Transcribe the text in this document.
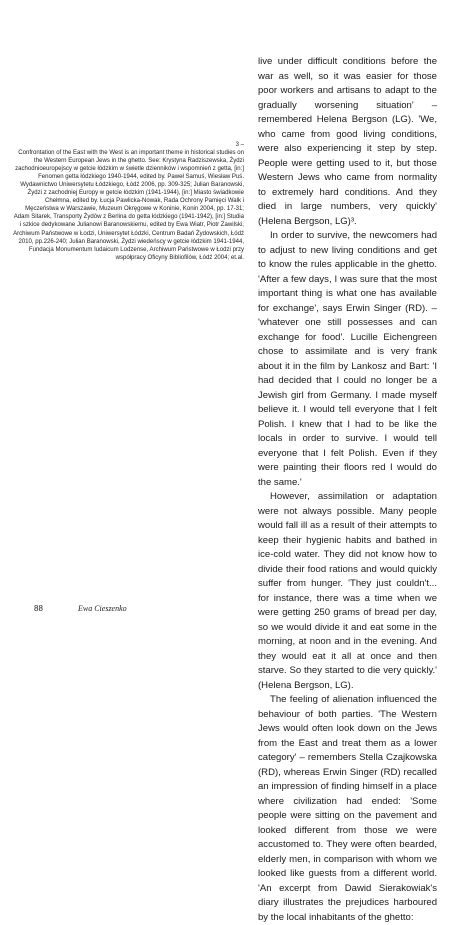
3 –

Confrontation of the East with the West is an important theme in historical studies on the Western European Jews in the ghetto. See: Krystyna Radziszewska, Żydzi zachodnioeuropejscy w getcie łódzkim w świetle dzienników i wspomnień z getta, [in:] Fenomen getta łódzkiego 1940-1944, edited by. Paweł Samuś, Wiesław Puś. Wydawnictwo Uniwersytetu Łódzkiego, Łódź 2006, pp. 309-325; Julian Baranowski, Żydzi z zachodniej Europy w getcie łódzkim (1941-1944), [in:] Miasto świadkowie Chełmna, edited by. Łucja Pawlicka-Nowak, Rada Ochrony Pamięci Walk i Męczeństwa w Warszawie, Muzeum Okręgowe w Koninie, Konin 2004, pp. 17-31; Adam Sitarek, Transporty Żydów z Berlina do getta łódzkiego (1941-1942), [in:] Studia i szkice dedykowane Julianowi Baranowskiemu, edited by Ewa Wiatr, Piotr Zawilski, Archiwum Państwowe w Łodzi, Uniwersytet Łódzki, Centrum Badań Żydowskich, Łódź 2010, pp.226-240; Julian Baranowski, Żydzi wiedeńscy w getcie łódzkim 1941-1944, Fundacja Monumentum Iudaicum Lodzense, Archiwum Państwowe w Łodzi przy współpracy Oficyny Bibliofilów, Łódź 2004; et.al.

live under difficult conditions before the war as well, so it was easier for those poor workers and artisans to adapt to the gradually worsening situation' – remembered Helena Bergson (LG). 'We, who came from good living conditions, were also experiencing it step by step. People were getting used to it, but those Western Jews who came from normality to extremely hard conditions. And they died in large numbers, very quickly' (Helena Bergson, LG)³.

In order to survive, the newcomers had to adjust to new living conditions and get to know the rules applicable in the ghetto. 'After a few days, I was sure that the most important thing is what one has available for exchange', says Erwin Singer (RD). – 'whatever one still possesses and can exchange for food'. Lucille Eichengreen chose to assimilate and is very frank about it in the film by Lankosz and Bart: 'I had decided that I could no longer be a Jewish girl from Germany. I made myself believe it. I would tell everyone that I felt Polish. I knew that I had to be like the locals in order to survive. I would tell everyone that I felt Polish. Even if they were painting their floors red I would do the same.'

However, assimilation or adaptation were not always possible. Many people would fall ill as a result of their attempts to keep their hygienic habits and bathed in ice-cold water. They did not know how to divide their food rations and would quickly suffer from hunger. 'They just couldn't... for instance, there was a time when we were getting 250 grams of bread per day, so we would divide it and eat some in the morning, at noon and in the evening. And they would eat it all at once and then starve. So they started to die very quickly.' (Helena Bergson, LG).

The feeling of alienation influenced the behaviour of both parties. 'The Western Jews would often look down on the Jews from the East and treat them as a lower category' – remembers Stella Czajkowska (RD), whereas Erwin Singer (RD) recalled an impression of finding himself in a place where civilization had ended: 'Some people were sitting on the pavement and looked different from those we were accustomed to. They were often bearded, elderly men, in comparison with whom we looked like guests from a different world. 'An excerpt from Dawid Sierakowiak's diary illustrates the prejudices harboured by the local inhabitants of the ghetto:

88	Ewa Cieszenko
